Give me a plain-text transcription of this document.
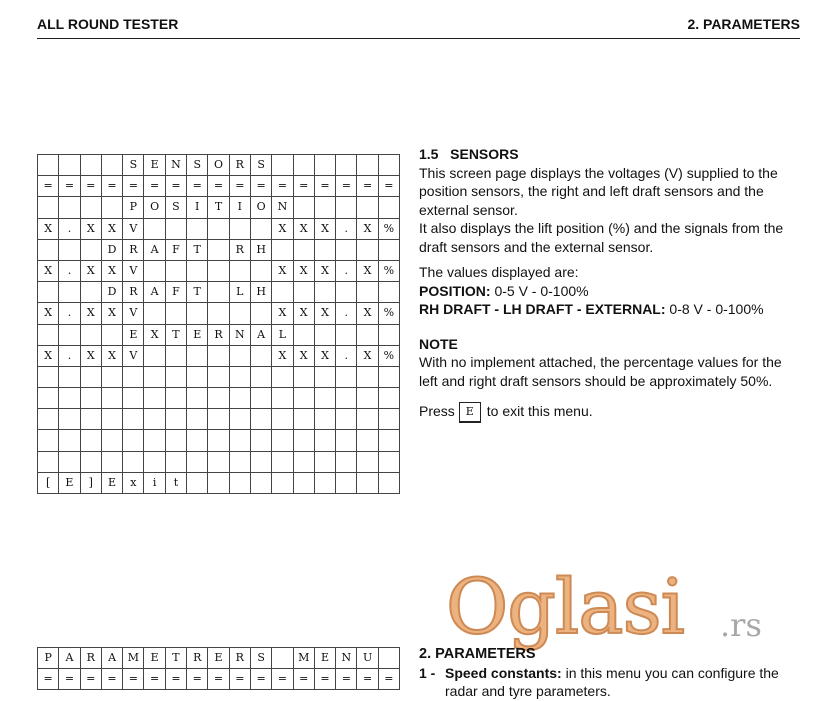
ALL ROUND TESTER	2. PARAMETERS
				S	E	N	S	O	R	S						
=	=	=	=	=	=	=	=	=	=	=	=	=	=	=	=	=
				P	O	S	I	T	I	O	N					
X	.	X	X	V							X	X	X	.	X	%
			D	R	A	F	T		R	H						
X	.	X	X	V							X	X	X	.	X	%
			D	R	A	F	T		L	H						
X	.	X	X	V							X	X	X	.	X	%
				E	X	T	E	R	N	A	L					
X	.	X	X	V							X	X	X	.	X	%

[	E	]	E	x	i	t										
P	A	R	A	M	E	T	R	E	R	S		M	E	N	U	
=	=	=	=	=	=	=	=	=	=	=	=	=	=	=	=	=
1.5 SENSORS
This screen page displays the voltages (V) supplied to the position sensors, the right and left draft sensors and the external sensor.
It also displays the lift position (%) and the signals from the draft sensors and the external sensor.
The values displayed are:
POSITION: 0-5 V - 0-100%
RH DRAFT - LH DRAFT - EXTERNAL: 0-8 V - 0-100%
NOTE
With no implement attached, the percentage values for the left and right draft sensors should be approximately 50%.
Press E to exit this menu.
Oglasi .rs
2. PARAMETERS
1 - Speed constants: in this menu you can configure the radar and tyre parameters.
